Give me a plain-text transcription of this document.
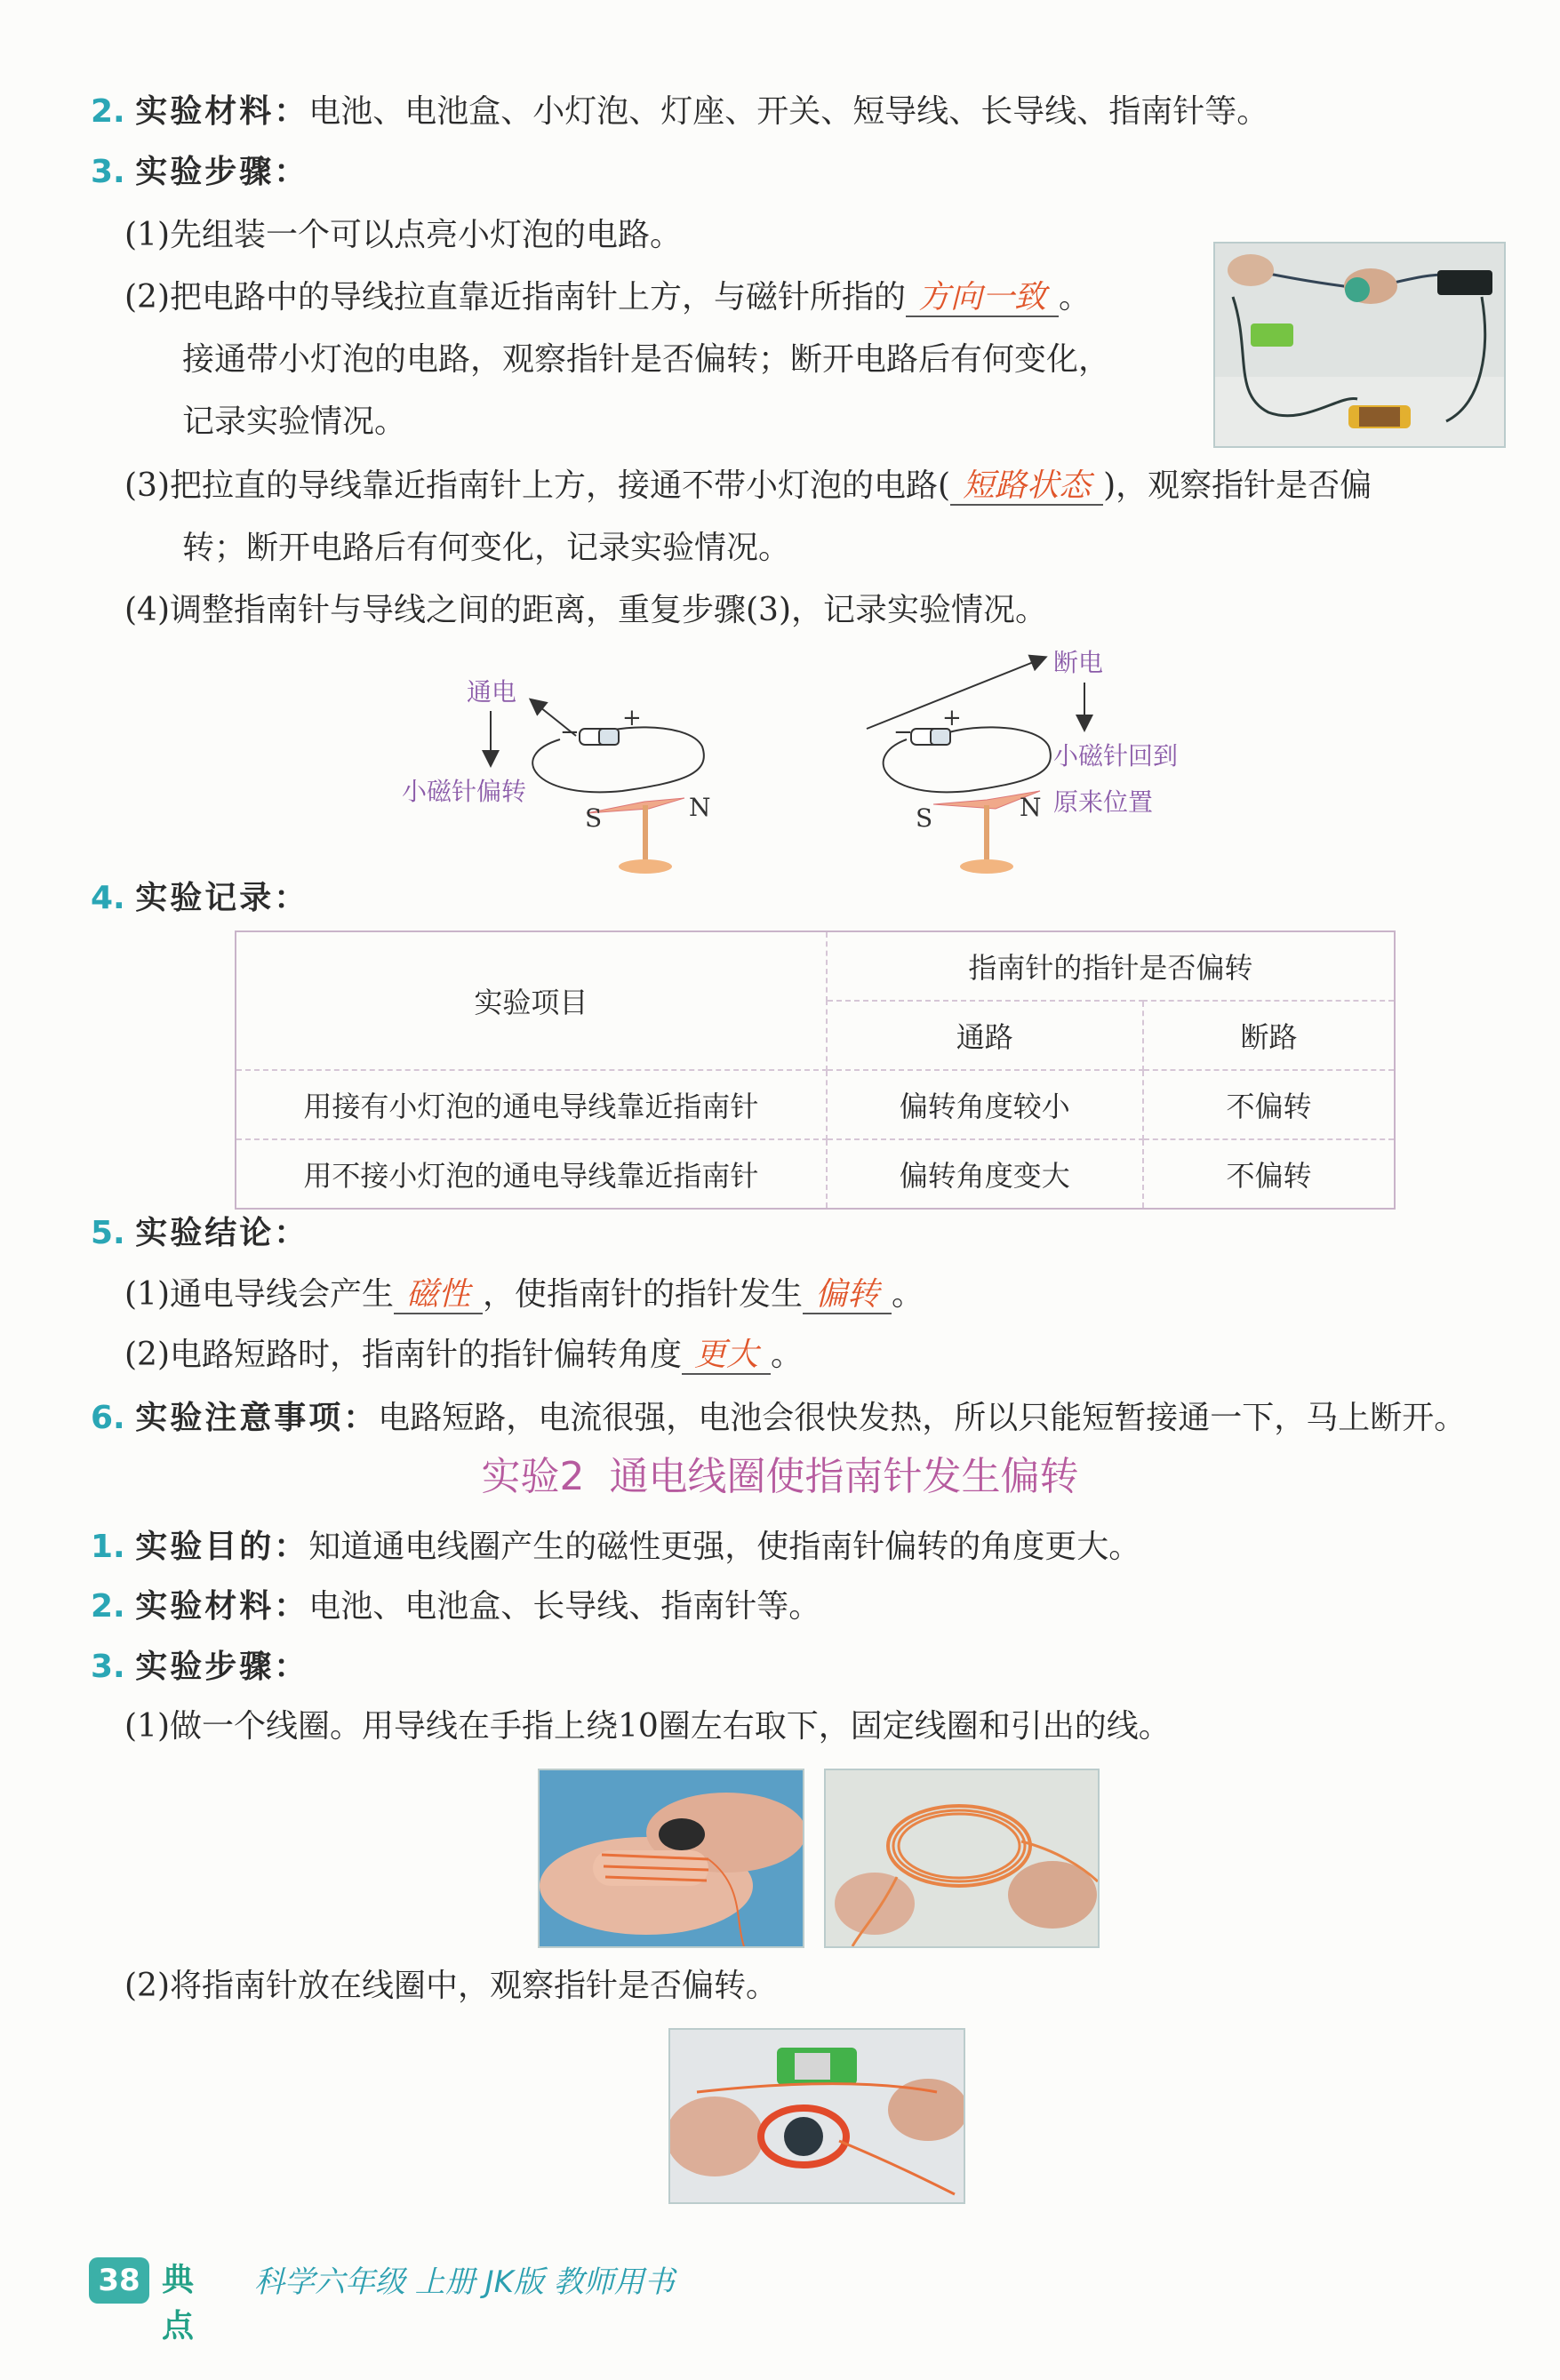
2. 实验材料：电池、电池盒、小灯泡、灯座、开关、短导线、长导线、指南针等。
3. 实验步骤：
(1)先组装一个可以点亮小灯泡的电路。
(2)把电路中的导线拉直靠近指南针上方，与磁针所指的 方向一致 。
接通带小灯泡的电路，观察指针是否偏转；断开电路后有何变化，
记录实验情况。
(3)把拉直的导线靠近指南针上方，接通不带小灯泡的电路( 短路状态 )，观察指针是否偏
转；断开电路后有何变化，记录实验情况。
(4)调整指南针与导线之间的距离，重复步骤(3)，记录实验情况。
通电
小磁针偏转
+
−
S	N
断电
小磁针回到
原来位置
+
−
S	N
4. 实验记录：
实验项目	指南针的指针是否偏转	
	通路	断路
用接有小灯泡的通电导线靠近指南针	偏转角度较小	不偏转
用不接小灯泡的通电导线靠近指南针	偏转角度变大	不偏转
5. 实验结论：
(1)通电导线会产生 磁性 ，使指南针的指针发生 偏转 。
(2)电路短路时，指南针的指针偏转角度 更大 。
6. 实验注意事项：电路短路，电流很强，电池会很快发热，所以只能短暂接通一下，马上断开。
实验2 通电线圈使指南针发生偏转
1. 实验目的：知道通电线圈产生的磁性更强，使指南针偏转的角度更大。
2. 实验材料：电池、电池盒、长导线、指南针等。
3. 实验步骤：
(1)做一个线圈。用导线在手指上绕10圈左右取下，固定线圈和引出的线。
(2)将指南针放在线圈中，观察指针是否偏转。
38 典点
科学六年级 上册 JK版 教师用书
